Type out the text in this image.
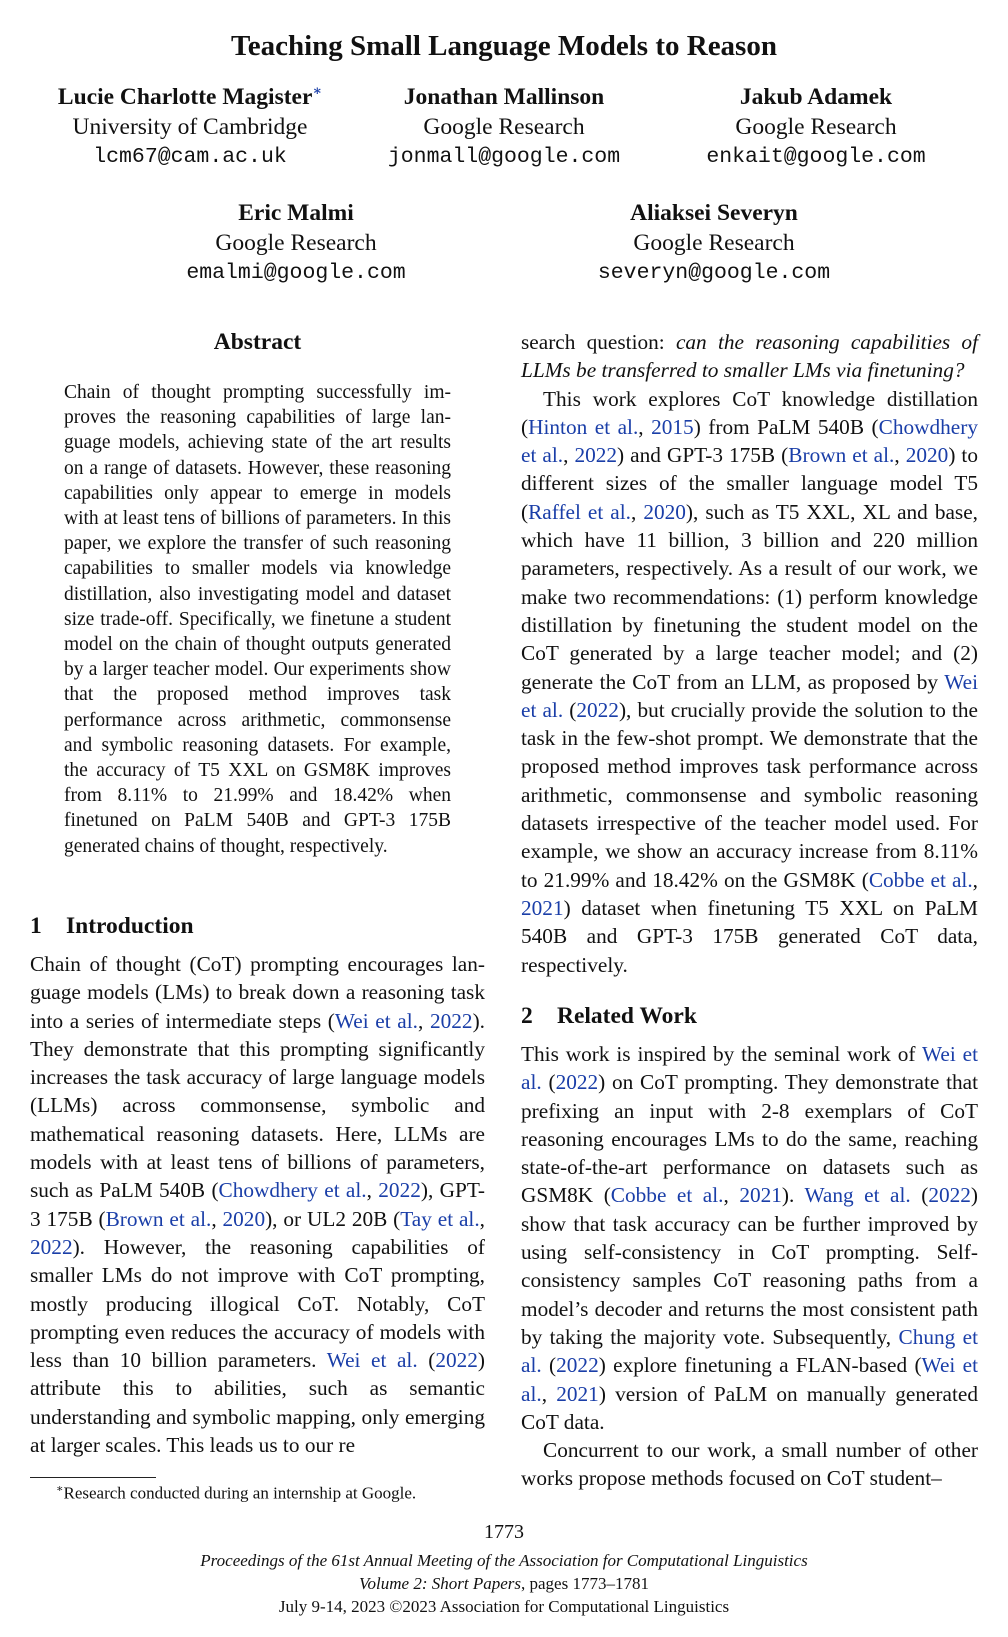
Teaching Small Language Models to Reason
Lucie Charlotte Magister∗
University of Cambridge
lcm67@cam.ac.uk
Jonathan Mallinson
Google Research
jonmall@google.com
Jakub Adamek
Google Research
enkait@google.com
Eric Malmi
Google Research
emalmi@google.com
Aliaksei Severyn
Google Research
severyn@google.com
Abstract
Chain of thought prompting successfully improves the reasoning capabilities of large language models, achieving state of the art results on a range of datasets. However, these reasoning capabilities only appear to emerge in models with at least tens of billions of parameters. In this paper, we explore the transfer of such reasoning capabilities to smaller models via knowledge distillation, also investigating model and dataset size trade-off. Specifically, we finetune a student model on the chain of thought outputs generated by a larger teacher model. Our experiments show that the proposed method improves task performance across arithmetic, commonsense and symbolic reasoning datasets. For example, the accuracy of T5 XXL on GSM8K improves from 8.11% to 21.99% and 18.42% when finetuned on PaLM 540B and GPT-3 175B generated chains of thought, respectively.
1 Introduction

Chain of thought (CoT) prompting encourages language models (LMs) to break down a reasoning task into a series of intermediate steps (Wei et al., 2022). They demonstrate that this prompting significantly increases the task accuracy of large language models (LLMs) across commonsense, symbolic and mathematical reasoning datasets. Here, LLMs are models with at least tens of billions of parameters, such as PaLM 540B (Chowdhery et al., 2022), GPT-3 175B (Brown et al., 2020), or UL2 20B (Tay et al., 2022). However, the reasoning capabilities of smaller LMs do not improve with CoT prompting, mostly producing illogical CoT. Notably, CoT prompting even reduces the accuracy of models with less than 10 billion parameters. Wei et al. (2022) attribute this to abilities, such as semantic understanding and symbolic mapping, only emerging at larger scales. This leads us to our re

search question: can the reasoning capabilities of LLMs be transferred to smaller LMs via finetuning?

This work explores CoT knowledge distillation (Hinton et al., 2015) from PaLM 540B (Chowdhery et al., 2022) and GPT-3 175B (Brown et al., 2020) to different sizes of the smaller language model T5 (Raffel et al., 2020), such as T5 XXL, XL and base, which have 11 billion, 3 billion and 220 million parameters, respectively. As a result of our work, we make two recommendations: (1) perform knowledge distillation by finetuning the student model on the CoT generated by a large teacher model; and (2) generate the CoT from an LLM, as proposed by Wei et al. (2022), but crucially provide the solution to the task in the few-shot prompt. We demonstrate that the proposed method improves task performance across arithmetic, commonsense and symbolic reasoning datasets irrespective of the teacher model used. For example, we show an accuracy increase from 8.11% to 21.99% and 18.42% on the GSM8K (Cobbe et al., 2021) dataset when finetuning T5 XXL on PaLM 540B and GPT-3 175B generated CoT data, respectively.

2 Related Work

This work is inspired by the seminal work of Wei et al. (2022) on CoT prompting. They demonstrate that prefixing an input with 2-8 exemplars of CoT reasoning encourages LMs to do the same, reaching state-of-the-art performance on datasets such as GSM8K (Cobbe et al., 2021). Wang et al. (2022) show that task accuracy can be further improved by using self-consistency in CoT prompting. Self-consistency samples CoT reasoning paths from a model’s decoder and returns the most consistent path by taking the majority vote. Subsequently, Chung et al. (2022) explore finetuning a FLAN-based (Wei et al., 2021) version of PaLM on manually generated CoT data.

Concurrent to our work, a small number of other works propose methods focused on CoT student–

∗Research conducted during an internship at Google.
1773
Proceedings of the 61st Annual Meeting of the Association for Computational Linguistics
Volume 2: Short Papers, pages 1773–1781
July 9-14, 2023 ©2023 Association for Computational Linguistics
